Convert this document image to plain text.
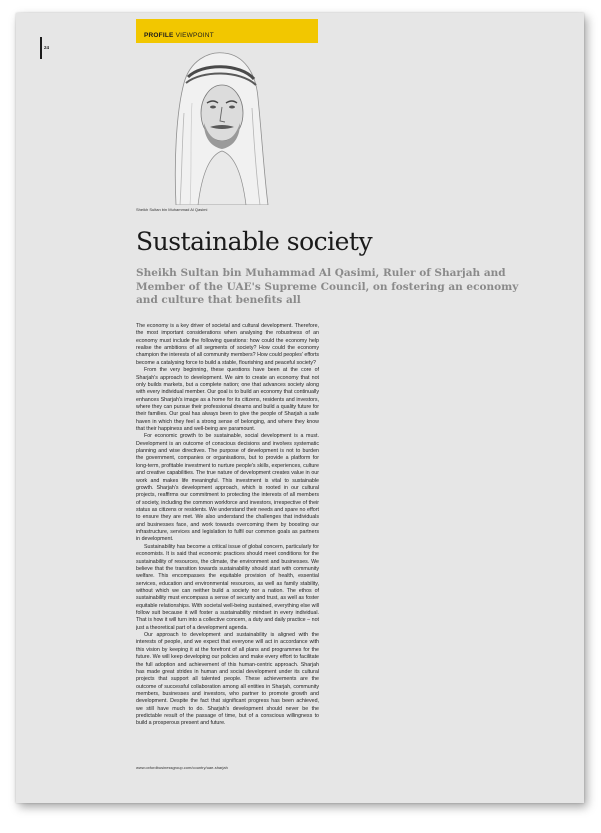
24
PROFILE VIEWPOINT
Sheikh Sultan bin Muhammad Al Qasimi
Sustainable society

Sheikh Sultan bin Muhammad Al Qasimi, Ruler of Sharjah and Member of the UAE's Supreme Council, on fostering an economy and culture that benefits all

The economy is a key driver of societal and cultural development. Therefore, the most important considerations when analysing the robustness of an economy must include the following questions: how could the economy help realise the ambitions of all segments of society? How could the economy champion the interests of all community members? How could peoples' efforts become a catalysing force to build a stable, flourishing and peaceful society?

From the very beginning, these questions have been at the core of Sharjah's approach to development. We aim to create an economy that not only builds markets, but a complete nation; one that advances society along with every individual member. Our goal is to build an economy that continually enhances Sharjah's image as a home for its citizens, residents and investors, where they can pursue their professional dreams and build a quality future for their families. Our goal has always been to give the people of Sharjah a safe haven in which they feel a strong sense of belonging, and where they know that their happiness and well-being are paramount.

For economic growth to be sustainable, social development is a must. Development is an outcome of conscious decisions and involves systematic planning and wise directives. The purpose of development is not to burden the government, companies or organisations, but to provide a platform for long-term, profitable investment to nurture people's skills, experiences, culture and creative capabilities. The true nature of development creates value in our work and makes life meaningful. This investment is vital to sustainable growth. Sharjah's development approach, which is rooted in our cultural projects, reaffirms our commitment to protecting the interests of all members of society, including the common workforce and investors, irrespective of their status as citizens or residents. We understand their needs and spare no effort to ensure they are met. We also understand the challenges that individuals and businesses face, and work towards overcoming them by boosting our infrastructure, services and legislation to fulfil our common goals as partners in development.

Sustainability has become a critical issue of global concern, particularly for economists. It is said that economic practices should meet conditions for the sustainability of resources, the climate, the environment and businesses. We believe that the transition towards sustainability should start with community welfare. This encompasses the equitable provision of health, essential services, education and environmental resources, as well as family stability, without which we can neither build a society nor a nation. The ethos of sustainability must encompass a sense of security and trust, as well as foster equitable relationships. With societal well-being sustained, everything else will follow suit because it will foster a sustainability mindset in every individual. That is how it will turn into a collective concern, a duty and daily practice – not just a theoretical part of a development agenda.

Our approach to development and sustainability is aligned with the interests of people, and we expect that everyone will act in accordance with this vision by keeping it at the forefront of all plans and programmes for the future. We will keep developing our policies and make every effort to facilitate the full adoption and achievement of this human-centric approach. Sharjah has made great strides in human and social development under its cultural projects that support all talented people. These achievements are the outcome of successful collaboration among all entities in Sharjah, community members, businesses and investors, who partner to promote growth and development. Despite the fact that significant progress has been achieved, we still have much to do. Sharjah's development should never be the predictable result of the passage of time, but of a conscious willingness to build a prosperous present and future.

www.oxfordbusinessgroup.com/country/uae-sharjah
